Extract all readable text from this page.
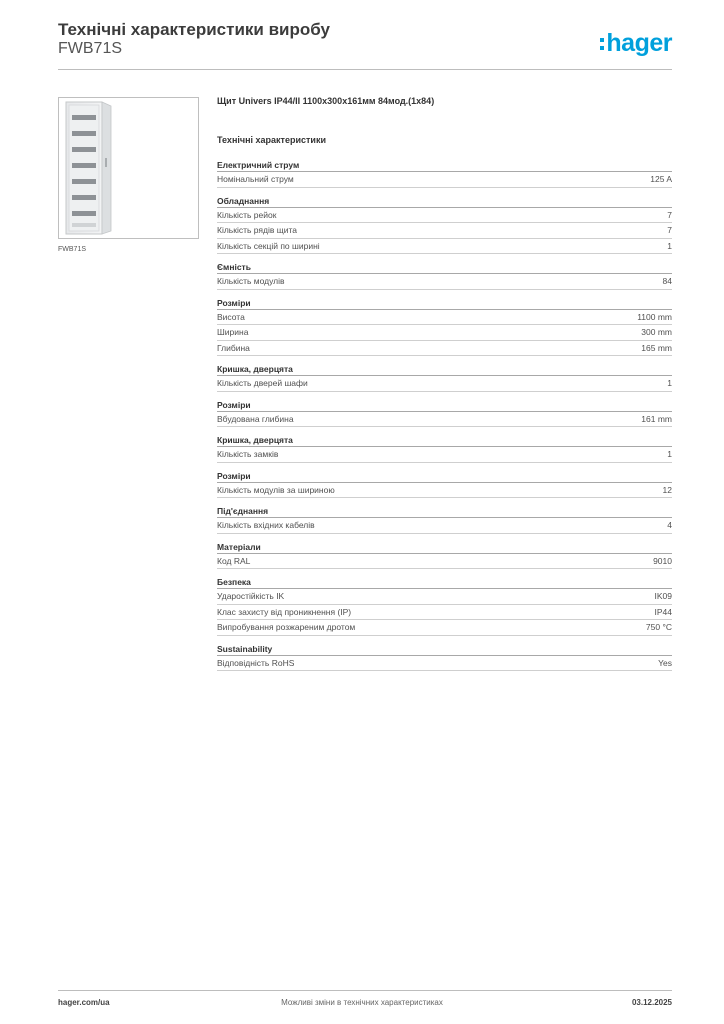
Технічні характеристики виробу
FWB71S	hager
FWB71S
Щит Univers IP44/II 1100х300х161мм 84мод.(1x84)
Технічні характеристики
Електричний струм
Номінальний струм	125 A
Обладнання
Кількість рейок	7
Кількість рядів щита	7
Кількість секцій по ширині	1
Ємність
Кількість модулів	84
Розміри
Висота	1100 mm
Ширина	300 mm
Глибина	165 mm
Кришка, дверцята
Кількість дверей шафи	1
Розміри
Вбудована глибина	161 mm
Кришка, дверцята
Кількість замків	1
Розміри
Кількість модулів за шириною	12
Під'єднання
Кількість вхідних кабелів	4
Матеріали
Код RAL	9010
Безпека
Ударостійкість IK	IK09
Клас захисту від проникнення (IP)	IP44
Випробування розжареним дротом	750 °C
Sustainability
Відповідність RoHS	Yes
hager.com/ua	Можливі зміни в технічних характеристиках	03.12.2025
